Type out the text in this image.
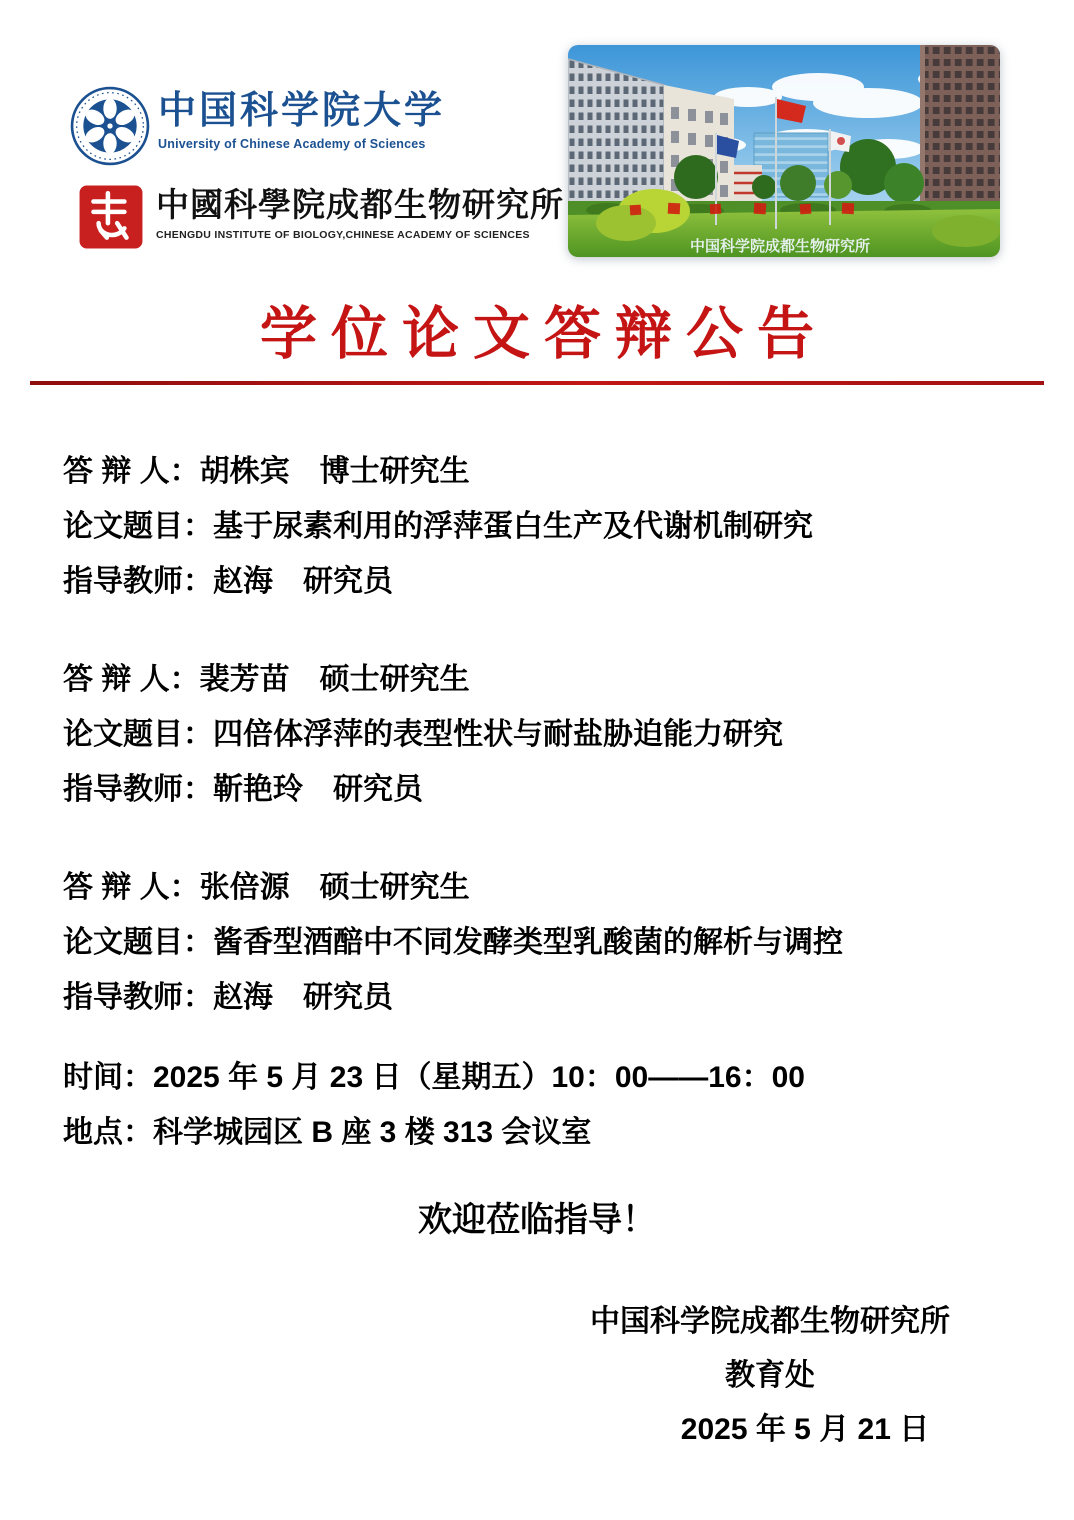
中国科学院大学
University of Chinese Academy of Sciences
中國科學院成都生物研究所
CHENGDU INSTITUTE OF BIOLOGY,CHINESE ACADEMY OF SCIENCES
中国科学院成都生物研究所
学位论文答辩公告

答 辩 人：胡株宾　博士研究生

论文题目：基于尿素利用的浮萍蛋白生产及代谢机制研究

指导教师：赵海　研究员

答 辩 人：裴芳苗　硕士研究生

论文题目：四倍体浮萍的表型性状与耐盐胁迫能力研究

指导教师：靳艳玲　研究员

答 辩 人：张倍源　硕士研究生

论文题目：酱香型酒醅中不同发酵类型乳酸菌的解析与调控

指导教师：赵海　研究员

时间：2025 年 5 月 23 日（星期五）10：00——16：00

地点：科学城园区 B 座 3 楼 313 会议室

欢迎莅临指导！

中国科学院成都生物研究所

教育处

2025 年 5 月 21 日
